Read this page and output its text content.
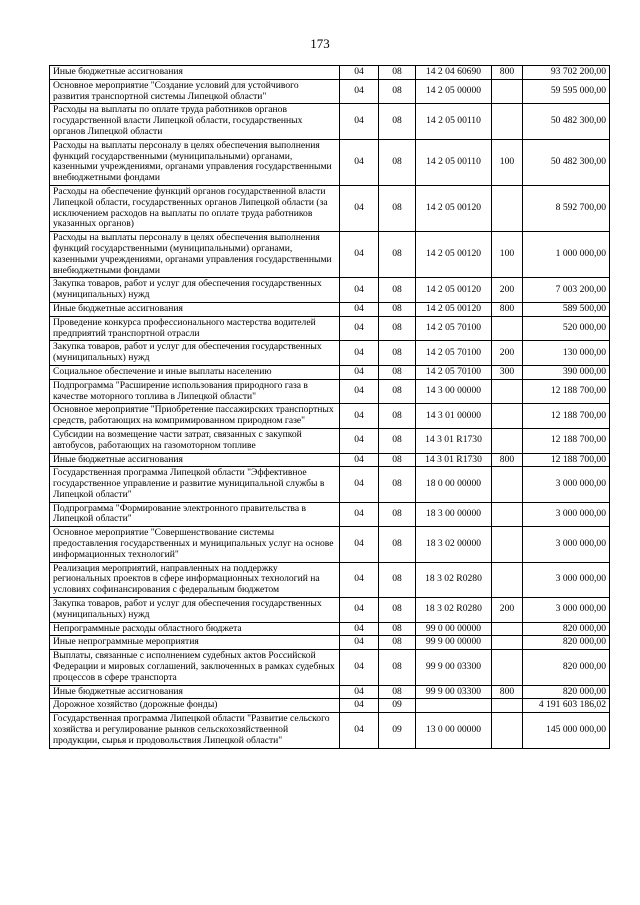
173
Иные бюджетные ассигнования	04	08	14 2 04 60690	800	93 702 200,00
Основное мероприятие "Создание условий для устойчивого развития транспортной системы Липецкой области"	04	08	14 2 05 00000		59 595 000,00
Расходы на выплаты по оплате труда работников органов государственной власти Липецкой области, государственных органов Липецкой области	04	08	14 2 05 00110		50 482 300,00
Расходы на выплаты персоналу в целях обеспечения выполнения функций государственными (муниципальными) органами, казенными учреждениями, органами управления государственными внебюджетными фондами	04	08	14 2 05 00110	100	50 482 300,00
Расходы на обеспечение функций органов государственной власти Липецкой области, государственных органов Липецкой области (за исключением расходов на выплаты по оплате труда работников указанных органов)	04	08	14 2 05 00120		8 592 700,00
Расходы на выплаты персоналу в целях обеспечения выполнения функций государственными (муниципальными) органами, казенными учреждениями, органами управления государственными внебюджетными фондами	04	08	14 2 05 00120	100	1 000 000,00
Закупка товаров, работ и услуг для обеспечения государственных (муниципальных) нужд	04	08	14 2 05 00120	200	7 003 200,00
Иные бюджетные ассигнования	04	08	14 2 05 00120	800	589 500,00
Проведение конкурса профессионального мастерства водителей предприятий транспортной отрасли	04	08	14 2 05 70100		520 000,00
Закупка товаров, работ и услуг для обеспечения государственных (муниципальных) нужд	04	08	14 2 05 70100	200	130 000,00
Социальное обеспечение и иные выплаты населению	04	08	14 2 05 70100	300	390 000,00
Подпрограмма "Расширение использования природного газа в качестве моторного топлива в Липецкой области"	04	08	14 3 00 00000		12 188 700,00
Основное мероприятие "Приобретение пассажирских транспортных средств, работающих на компримированном природном газе"	04	08	14 3 01 00000		12 188 700,00
Субсидии на возмещение части затрат, связанных с закупкой автобусов, работающих на газомоторном топливе	04	08	14 3 01 R1730		12 188 700,00
Иные бюджетные ассигнования	04	08	14 3 01 R1730	800	12 188 700,00
Государственная программа Липецкой области "Эффективное государственное управление и развитие муниципальной службы в Липецкой области"	04	08	18 0 00 00000		3 000 000,00
Подпрограмма "Формирование электронного правительства в Липецкой области"	04	08	18 3 00 00000		3 000 000,00
Основное мероприятие "Совершенствование системы предоставления государственных и муниципальных услуг на основе информационных технологий"	04	08	18 3 02 00000		3 000 000,00
Реализация мероприятий, направленных на поддержку региональных проектов в сфере информационных технологий на условиях софинансирования с федеральным бюджетом	04	08	18 3 02 R0280		3 000 000,00
Закупка товаров, работ и услуг для обеспечения государственных (муниципальных) нужд	04	08	18 3 02 R0280	200	3 000 000,00
Непрограммные расходы областного бюджета	04	08	99 0 00 00000		820 000,00
Иные непрограммные мероприятия	04	08	99 9 00 00000		820 000,00
Выплаты, связанные с исполнением судебных актов Российской Федерации и мировых соглашений, заключенных в рамках судебных процессов в сфере транспорта	04	08	99 9 00 03300		820 000,00
Иные бюджетные ассигнования	04	08	99 9 00 03300	800	820 000,00
Дорожное хозяйство (дорожные фонды)	04	09			4 191 603 186,02
Государственная программа Липецкой области "Развитие сельского хозяйства и регулирование рынков сельскохозяйственной продукции, сырья и продовольствия Липецкой области"	04	09	13 0 00 00000		145 000 000,00
